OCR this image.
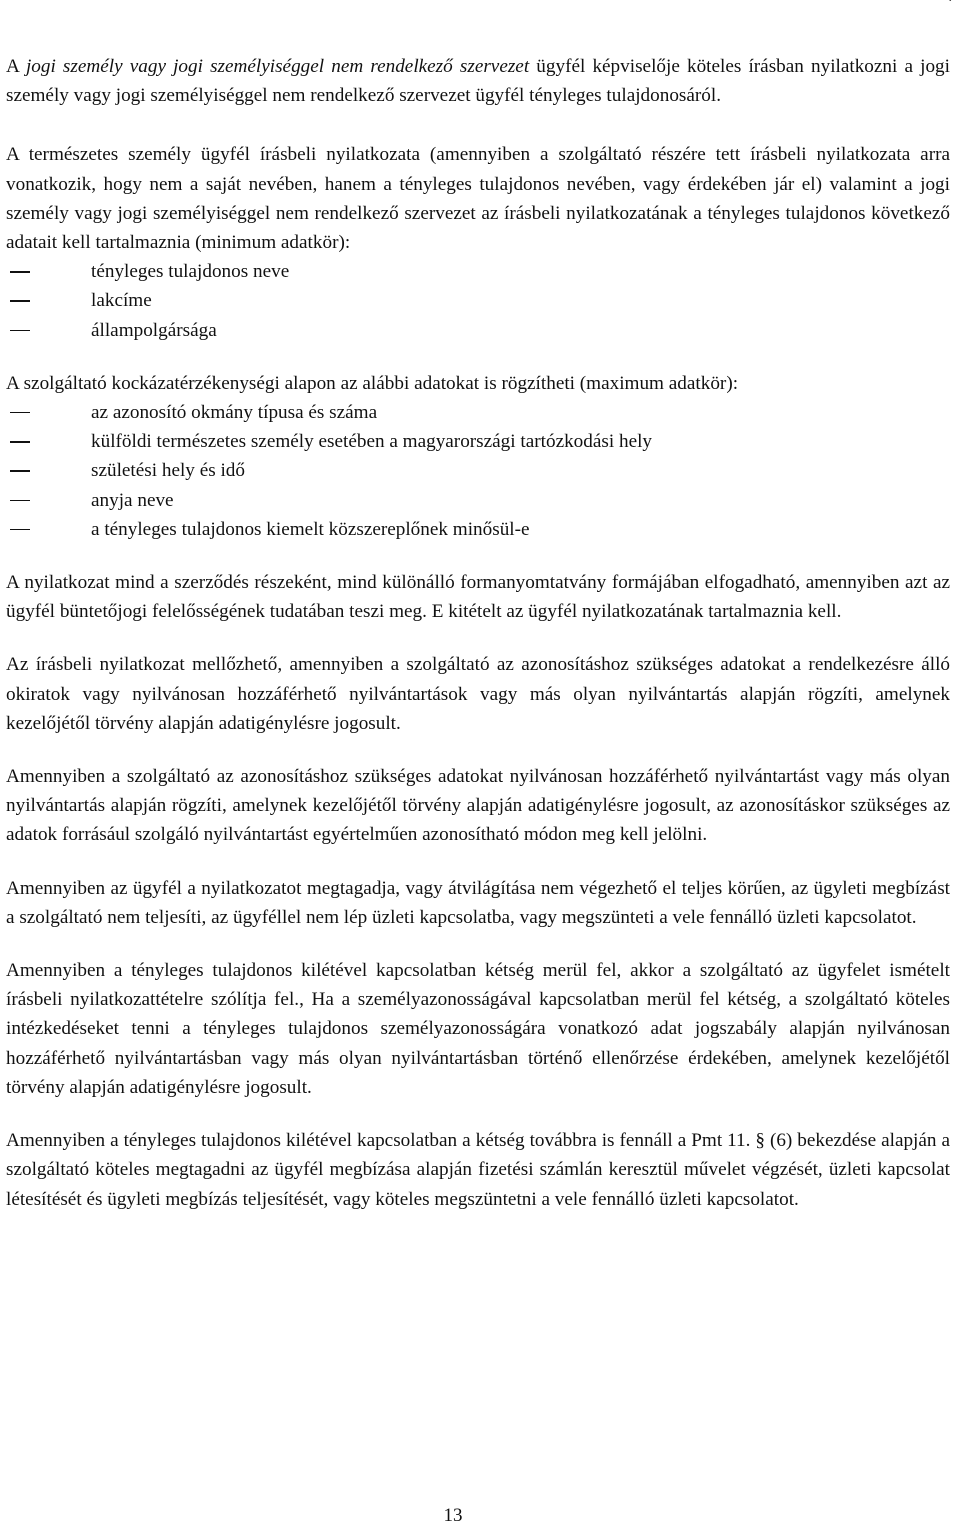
A jogi személy vagy jogi személyiséggel nem rendelkező szervezet ügyfél képviselője köteles írásban nyilatkozni a jogi személy vagy jogi személyiséggel nem rendelkező szervezet ügyfél tényleges tulajdonosáról.

A természetes személy ügyfél írásbeli nyilatkozata (amennyiben a szolgáltató részére tett írásbeli nyilatkozata arra vonatkozik, hogy nem a saját nevében, hanem a tényleges tulajdonos nevében, vagy érdekében jár el) valamint a jogi személy vagy jogi személyiséggel nem rendelkező szervezet az írásbeli nyilatkozatának a tényleges tulajdonos következő adatait kell tartalmaznia (minimum adatkör):

tényleges tulajdonos neve
lakcíme
állampolgársága

A szolgáltató kockázatérzékenységi alapon az alábbi adatokat is rögzítheti (maximum adatkör):

az azonosító okmány típusa és száma
külföldi természetes személy esetében a magyarországi tartózkodási hely
születési hely és idő
anyja neve
a tényleges tulajdonos kiemelt közszereplőnek minősül-e

A nyilatkozat mind a szerződés részeként, mind különálló formanyomtatvány formájában elfogadható, amennyiben azt az ügyfél büntetőjogi felelősségének tudatában teszi meg. E kitételt az ügyfél nyilatkozatának tartalmaznia kell.

Az írásbeli nyilatkozat mellőzhető, amennyiben a szolgáltató az azonosításhoz szükséges adatokat a rendelkezésre álló okiratok vagy nyilvánosan hozzáférhető nyilvántartások vagy más olyan nyilvántartás alapján rögzíti, amelynek kezelőjétől törvény alapján adatigénylésre jogosult.

Amennyiben a szolgáltató az azonosításhoz szükséges adatokat nyilvánosan hozzáférhető nyilvántartást vagy más olyan nyilvántartás alapján rögzíti, amelynek kezelőjétől törvény alapján adatigénylésre jogosult, az azonosításkor szükséges az adatok forrásául szolgáló nyilvántartást egyértelműen azonosítható módon meg kell jelölni.

Amennyiben az ügyfél a nyilatkozatot megtagadja, vagy átvilágítása nem végezhető el teljes körűen, az ügyleti megbízást a szolgáltató nem teljesíti, az ügyféllel nem lép üzleti kapcsolatba, vagy megszünteti a vele fennálló üzleti kapcsolatot.

Amennyiben a tényleges tulajdonos kilétével kapcsolatban kétség merül fel, akkor a szolgáltató az ügyfelet ismételt írásbeli nyilatkozattételre szólítja fel., Ha a személyazonosságával kapcsolatban merül fel kétség, a szolgáltató köteles intézkedéseket tenni a tényleges tulajdonos személyazonosságára vonatkozó adat jogszabály alapján nyilvánosan hozzáférhető nyilvántartásban vagy más olyan nyilvántartásban történő ellenőrzése érdekében, amelynek kezelőjétől törvény alapján adatigénylésre jogosult.

Amennyiben a tényleges tulajdonos kilétével kapcsolatban a kétség továbbra is fennáll a Pmt 11. § (6) bekezdése alapján a szolgáltató köteles megtagadni az ügyfél megbízása alapján fizetési számlán keresztül művelet végzését, üzleti kapcsolat létesítését és ügyleti megbízás teljesítését, vagy köteles megszüntetni a vele fennálló üzleti kapcsolatot.

13
